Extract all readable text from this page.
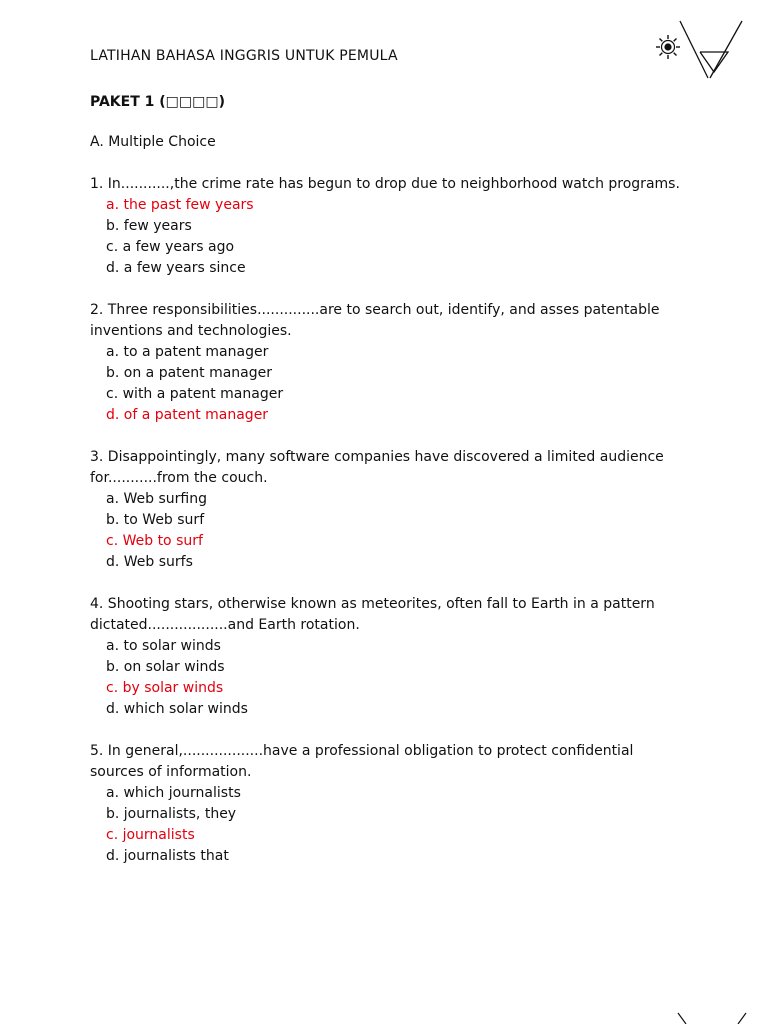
LATIHAN BAHASA INGGRIS UNTUK PEMULA
PAKET 1 (□□□□)
A. Multiple Choice
1. In...........,the crime rate has begun to drop due to neighborhood watch programs.
a. the past few years
b. few years
c. a few years ago
d. a few years since
2. Three responsibilities..............are to search out, identify, and asses patentable
inventions and technologies.
a. to a patent manager
b. on a patent manager
c. with a patent manager
d. of a patent manager
3. Disappointingly, many software companies have discovered a limited audience
for...........from the couch.
a. Web surfing
b. to Web surf
c. Web to surf
d. Web surfs
4. Shooting stars, otherwise known as meteorites, often fall to Earth in a pattern
dictated..................and Earth rotation.
a. to solar winds
b. on solar winds
c. by solar winds
d. which solar winds
5. In general,..................have a professional obligation to protect confidential
sources of information.
a. which journalists
b. journalists, they
c. journalists
d. journalists that
